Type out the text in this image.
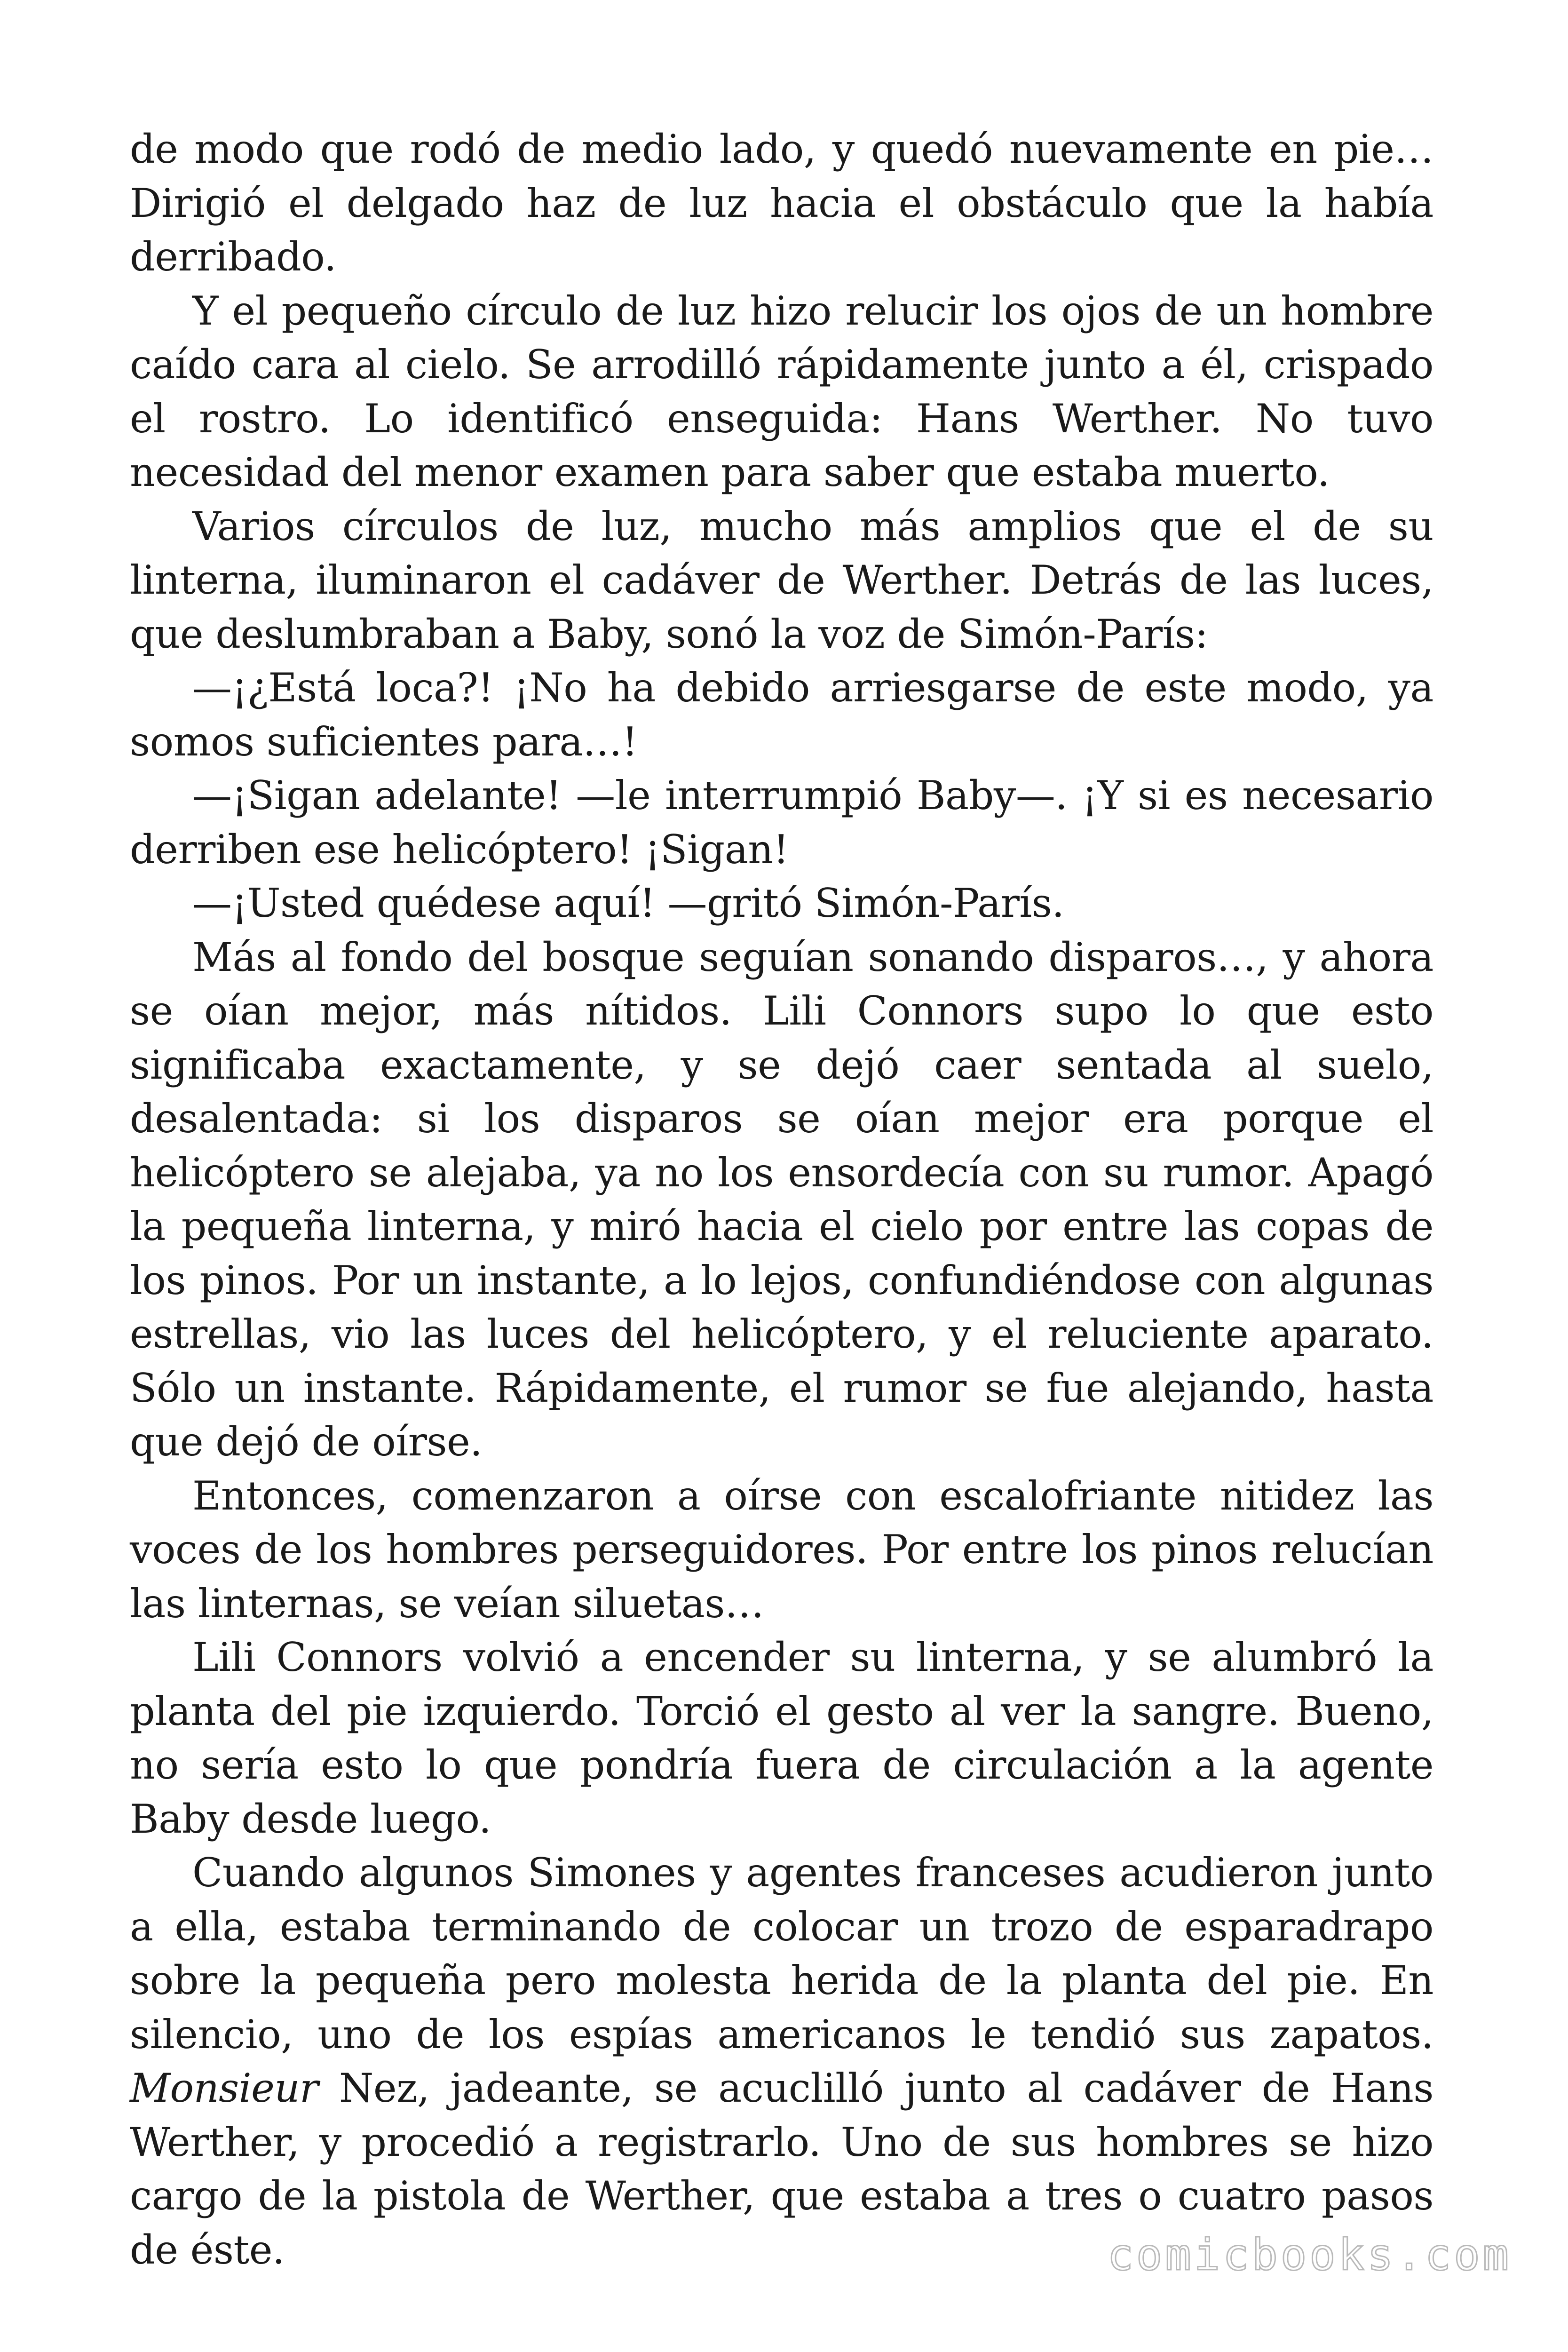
de modo que rodó de medio lado, y quedó nuevamente en pie… Dirigió el delgado haz de luz hacia el obstáculo que la había derribado.

Y el pequeño círculo de luz hizo relucir los ojos de un hombre caído cara al cielo. Se arrodilló rápidamente junto a él, crispado el rostro. Lo identificó enseguida: Hans Werther. No tuvo necesidad del menor examen para saber que estaba muerto.

Varios círculos de luz, mucho más amplios que el de su linterna, iluminaron el cadáver de Werther. Detrás de las luces, que deslumbraban a Baby, sonó la voz de Simón-París:

—¡¿Está loca?! ¡No ha debido arriesgarse de este modo, ya somos suficientes para…!

—¡Sigan adelante! —le interrumpió Baby—. ¡Y si es necesario derriben ese helicóptero! ¡Sigan!

—¡Usted quédese aquí! —gritó Simón-París.

Más al fondo del bosque seguían sonando disparos…, y ahora se oían mejor, más nítidos. Lili Connors supo lo que esto significaba exactamente, y se dejó caer sentada al suelo, desalentada: si los disparos se oían mejor era porque el helicóptero se alejaba, ya no los ensordecía con su rumor. Apagó la pequeña linterna, y miró hacia el cielo por entre las copas de los pinos. Por un instante, a lo lejos, confundiéndose con algunas estrellas, vio las luces del helicóptero, y el reluciente aparato. Sólo un instante. Rápidamente, el rumor se fue alejando, hasta que dejó de oírse.

Entonces, comenzaron a oírse con escalofriante nitidez las voces de los hombres perseguidores. Por entre los pinos relucían las linternas, se veían siluetas…

Lili Connors volvió a encender su linterna, y se alumbró la planta del pie izquierdo. Torció el gesto al ver la sangre. Bueno, no sería esto lo que pondría fuera de circulación a la agente Baby desde luego.

Cuando algunos Simones y agentes franceses acudieron junto a ella, estaba terminando de colocar un trozo de esparadrapo sobre la pequeña pero molesta herida de la planta del pie. En silencio, uno de los espías americanos le tendió sus zapatos. Monsieur Nez, jadeante, se acuclilló junto al cadáver de Hans Werther, y procedió a registrarlo. Uno de sus hombres se hizo cargo de la pistola de Werther, que estaba a tres o cuatro pasos de éste.	comicbooks.com
